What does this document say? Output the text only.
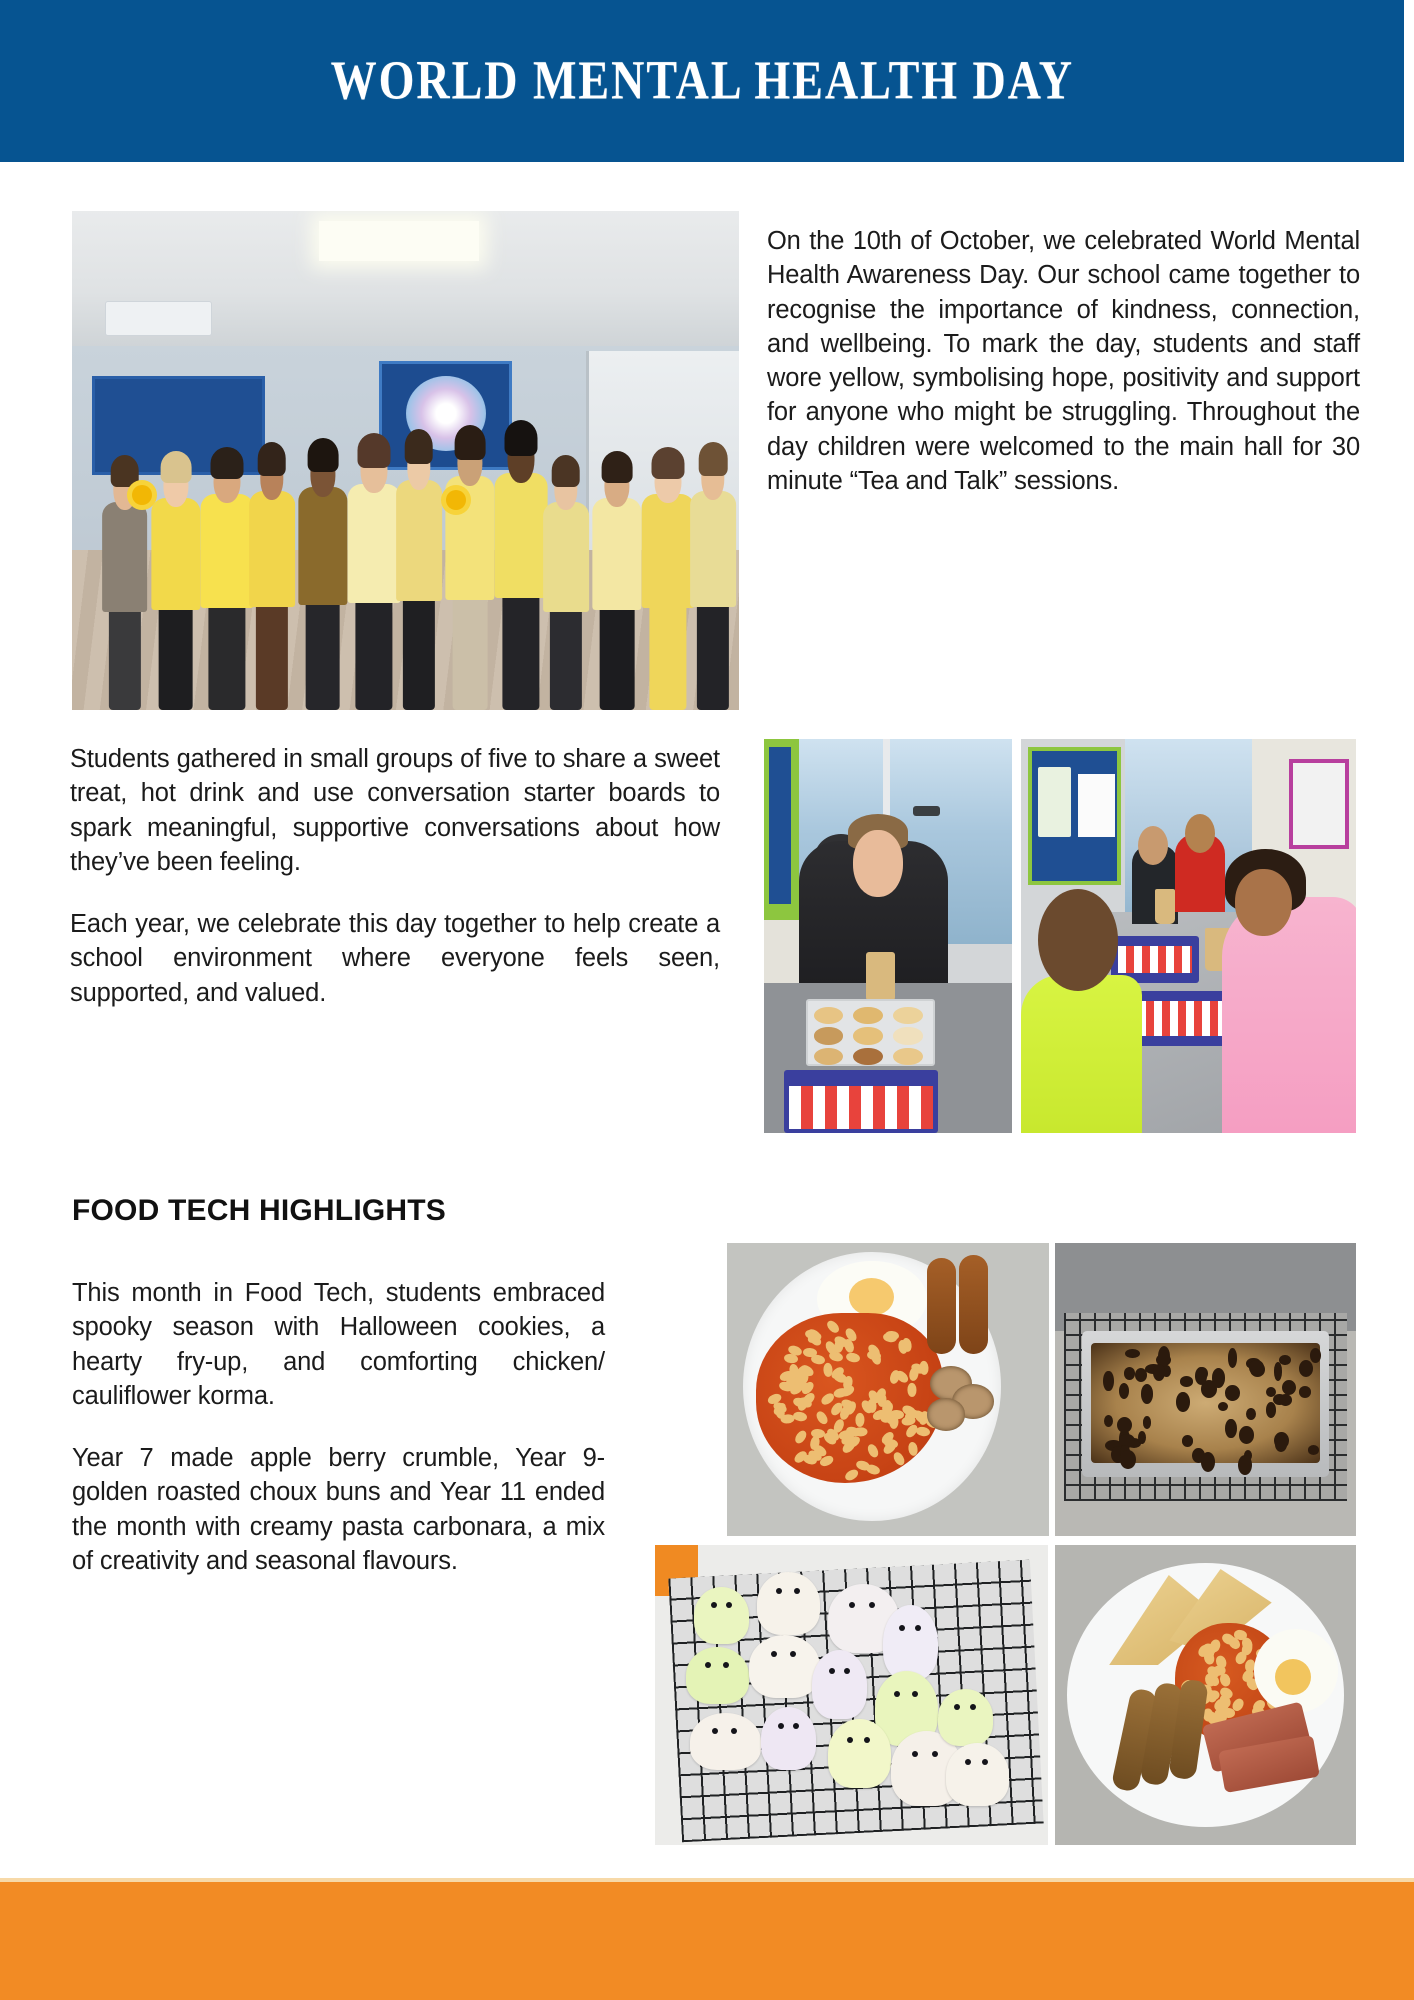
WORLD MENTAL HEALTH DAY

On the 10th of October, we celebrated World Mental Health Awareness Day. Our school came together to recognise the importance of kindness, connection, and wellbeing. To mark the day, students and staff wore yellow, symbolising hope, positivity and support for anyone who might be struggling. Throughout the day children were welcomed to the main hall for 30 minute “Tea and Talk” sessions.

Students gathered in small groups of five to share a sweet treat, hot drink and use conversation starter boards to spark meaningful, supportive conversations about how they’ve been feeling.

Each year, we celebrate this day together to help create a school environment where everyone feels seen, supported, and valued.

FOOD TECH HIGHLIGHTS

This month in Food Tech, students embraced spooky season with Halloween cookies, a hearty fry-up, and comforting chicken/ cauliflower korma.

Year 7 made apple berry crumble, Year 9- golden roasted choux buns and Year 11 ended the month with creamy pasta carbonara, a mix of creativity and seasonal flavours.
